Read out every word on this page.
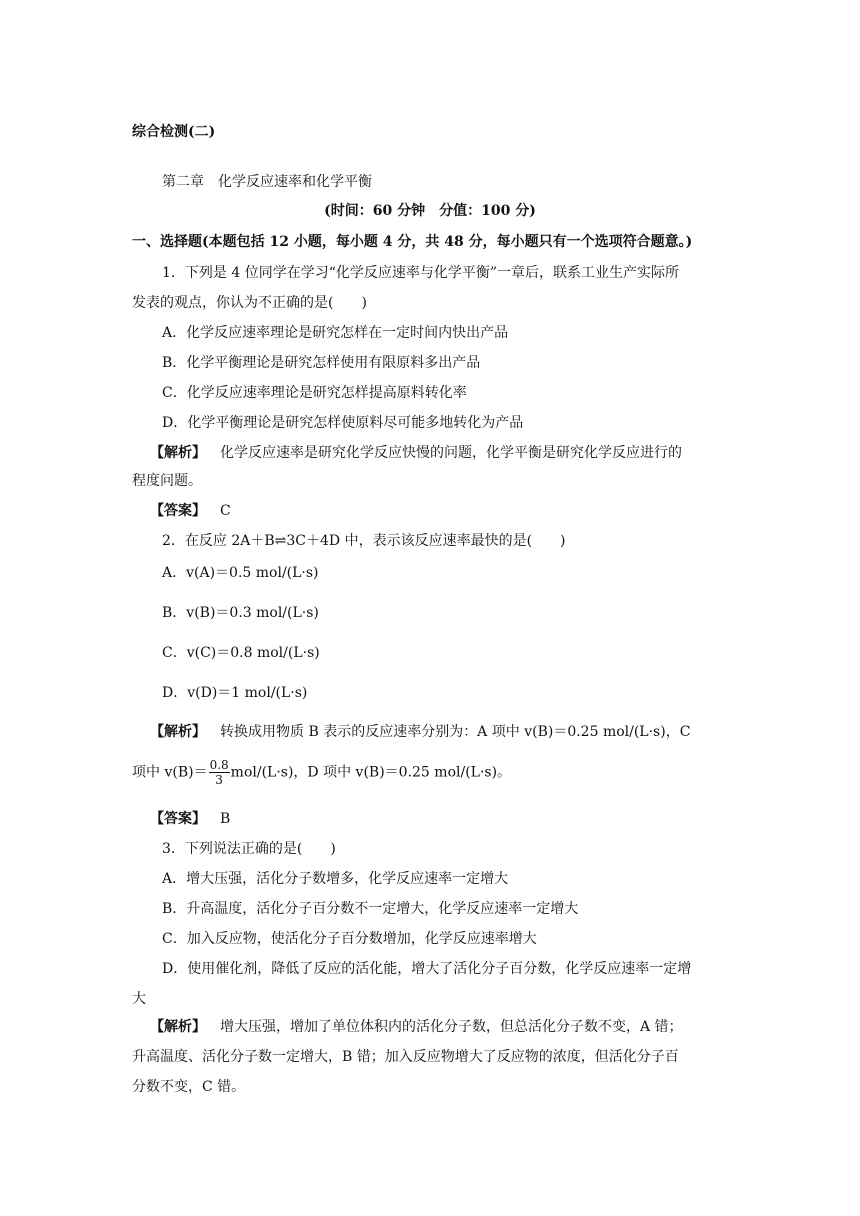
综合检测(二)
第二章　化学反应速率和化学平衡
(时间：60 分钟　分值：100 分)
一、选择题(本题包括 12 小题，每小题 4 分，共 48 分，每小题只有一个选项符合题意。)
1．下列是 4 位同学在学习“化学反应速率与化学平衡”一章后，联系工业生产实际所
发表的观点，你认为不正确的是(　　)
A．化学反应速率理论是研究怎样在一定时间内快出产品
B．化学平衡理论是研究怎样使用有限原料多出产品
C．化学反应速率理论是研究怎样提高原料转化率
D．化学平衡理论是研究怎样使原料尽可能多地转化为产品
【解析】 化学反应速率是研究化学反应快慢的问题，化学平衡是研究化学反应进行的
程度问题。
【答案】 C
2．在反应 2A＋B⇌3C＋4D 中，表示该反应速率最快的是(　　)
A．v(A)＝0.5 mol/(L·s)
B．v(B)＝0.3 mol/(L·s)
C．v(C)＝0.8 mol/(L·s)
D．v(D)＝1 mol/(L·s)
【解析】 转换成用物质 B 表示的反应速率分别为：A 项中 v(B)＝0.25 mol/(L·s)，C
项中 $v(B)= \frac{0.8}{3} mol/(L\cdot s)$，D 项中 v(B)＝0.25 mol/(L·s)。
【答案】 B
3．下列说法正确的是(　　)
A．增大压强，活化分子数增多，化学反应速率一定增大
B．升高温度，活化分子百分数不一定增大，化学反应速率一定增大
C．加入反应物，使活化分子百分数增加，化学反应速率增大
D．使用催化剂，降低了反应的活化能，增大了活化分子百分数，化学反应速率一定增
大
【解析】 增大压强，增加了单位体积内的活化分子数，但总活化分子数不变，A 错；
升高温度、活化分子数一定增大，B 错；加入反应物增大了反应物的浓度，但活化分子百
分数不变，C 错。
